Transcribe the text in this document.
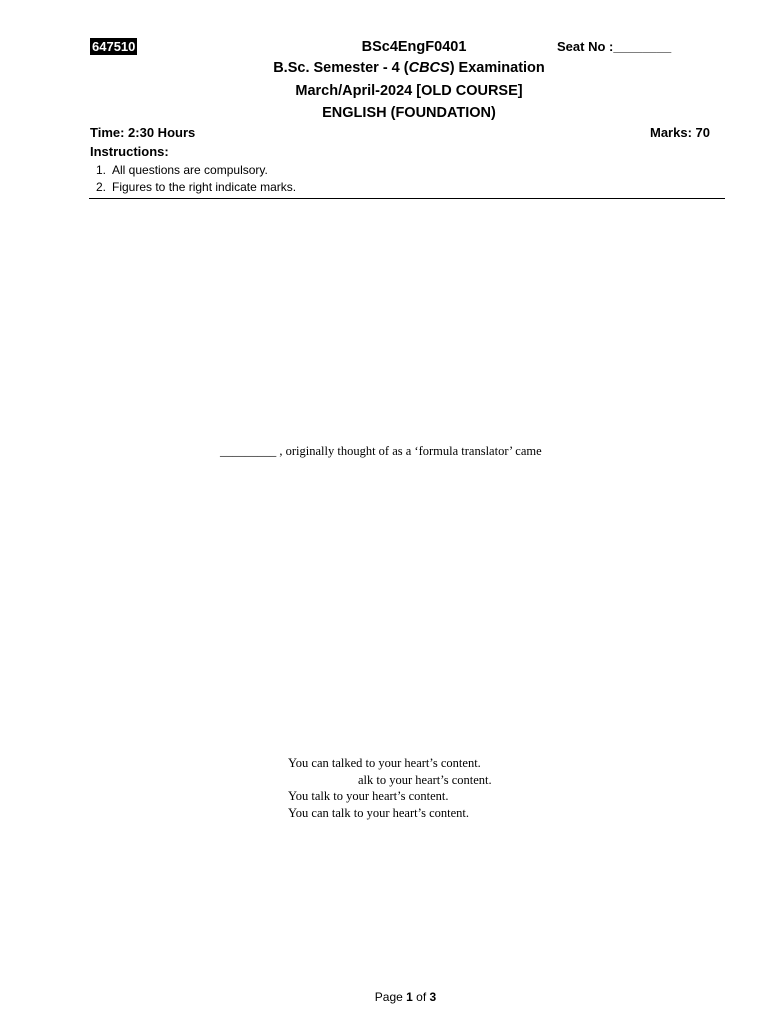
647510	BSc4EngF0401
B.Sc. Semester - 4 (CBCS) Examination
March/April-2024 [OLD COURSE]
ENGLISH (FOUNDATION)
Seat No :________
Time: 2:30 Hours	Marks: 70
Instructions:
1. All questions are compulsory.
2. Figures to the right indicate marks.
_________ , originally thought of as a ‘formula translator’ came
You can talked to your heart’s content.
alk to your heart’s content.
You talk to your heart’s content.
You can talk to your heart’s content.
Page 1 of 3
